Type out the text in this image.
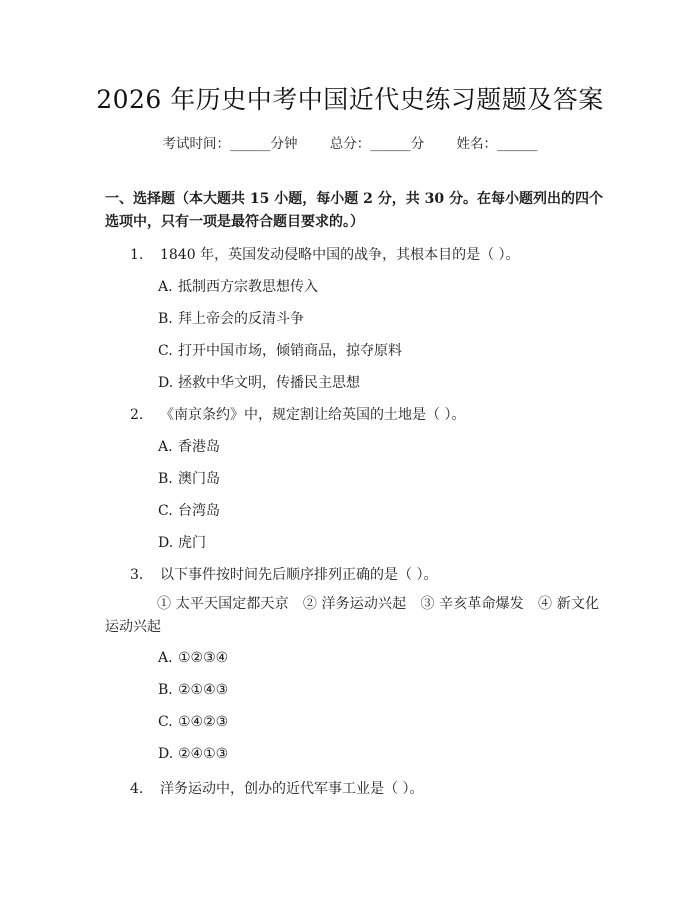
2026 年历史中考中国近代史练习题题及答案
考试时间：______分钟 总分：______分 姓名：______
一、选择题（本大题共 15 小题，每小题 2 分，共 30 分。在每小题列出的四个选项中，只有一项是最符合题目要求的。）
1. 1840 年，英国发动侵略中国的战争，其根本目的是（ ）。
A. 抵制西方宗教思想传入
B. 拜上帝会的反清斗争
C. 打开中国市场，倾销商品，掠夺原料
D. 拯救中华文明，传播民主思想
2. 《南京条约》中，规定割让给英国的土地是（ ）。
A. 香港岛
B. 澳门岛
C. 台湾岛
D. 虎门
3. 以下事件按时间先后顺序排列正确的是（ ）。
① 太平天国定都天京　② 洋务运动兴起　③ 辛亥革命爆发　④ 新文化运动兴起
A. ①②③④
B. ②①④③
C. ①④②③
D. ②④①③
4. 洋务运动中，创办的近代军事工业是（ ）。
